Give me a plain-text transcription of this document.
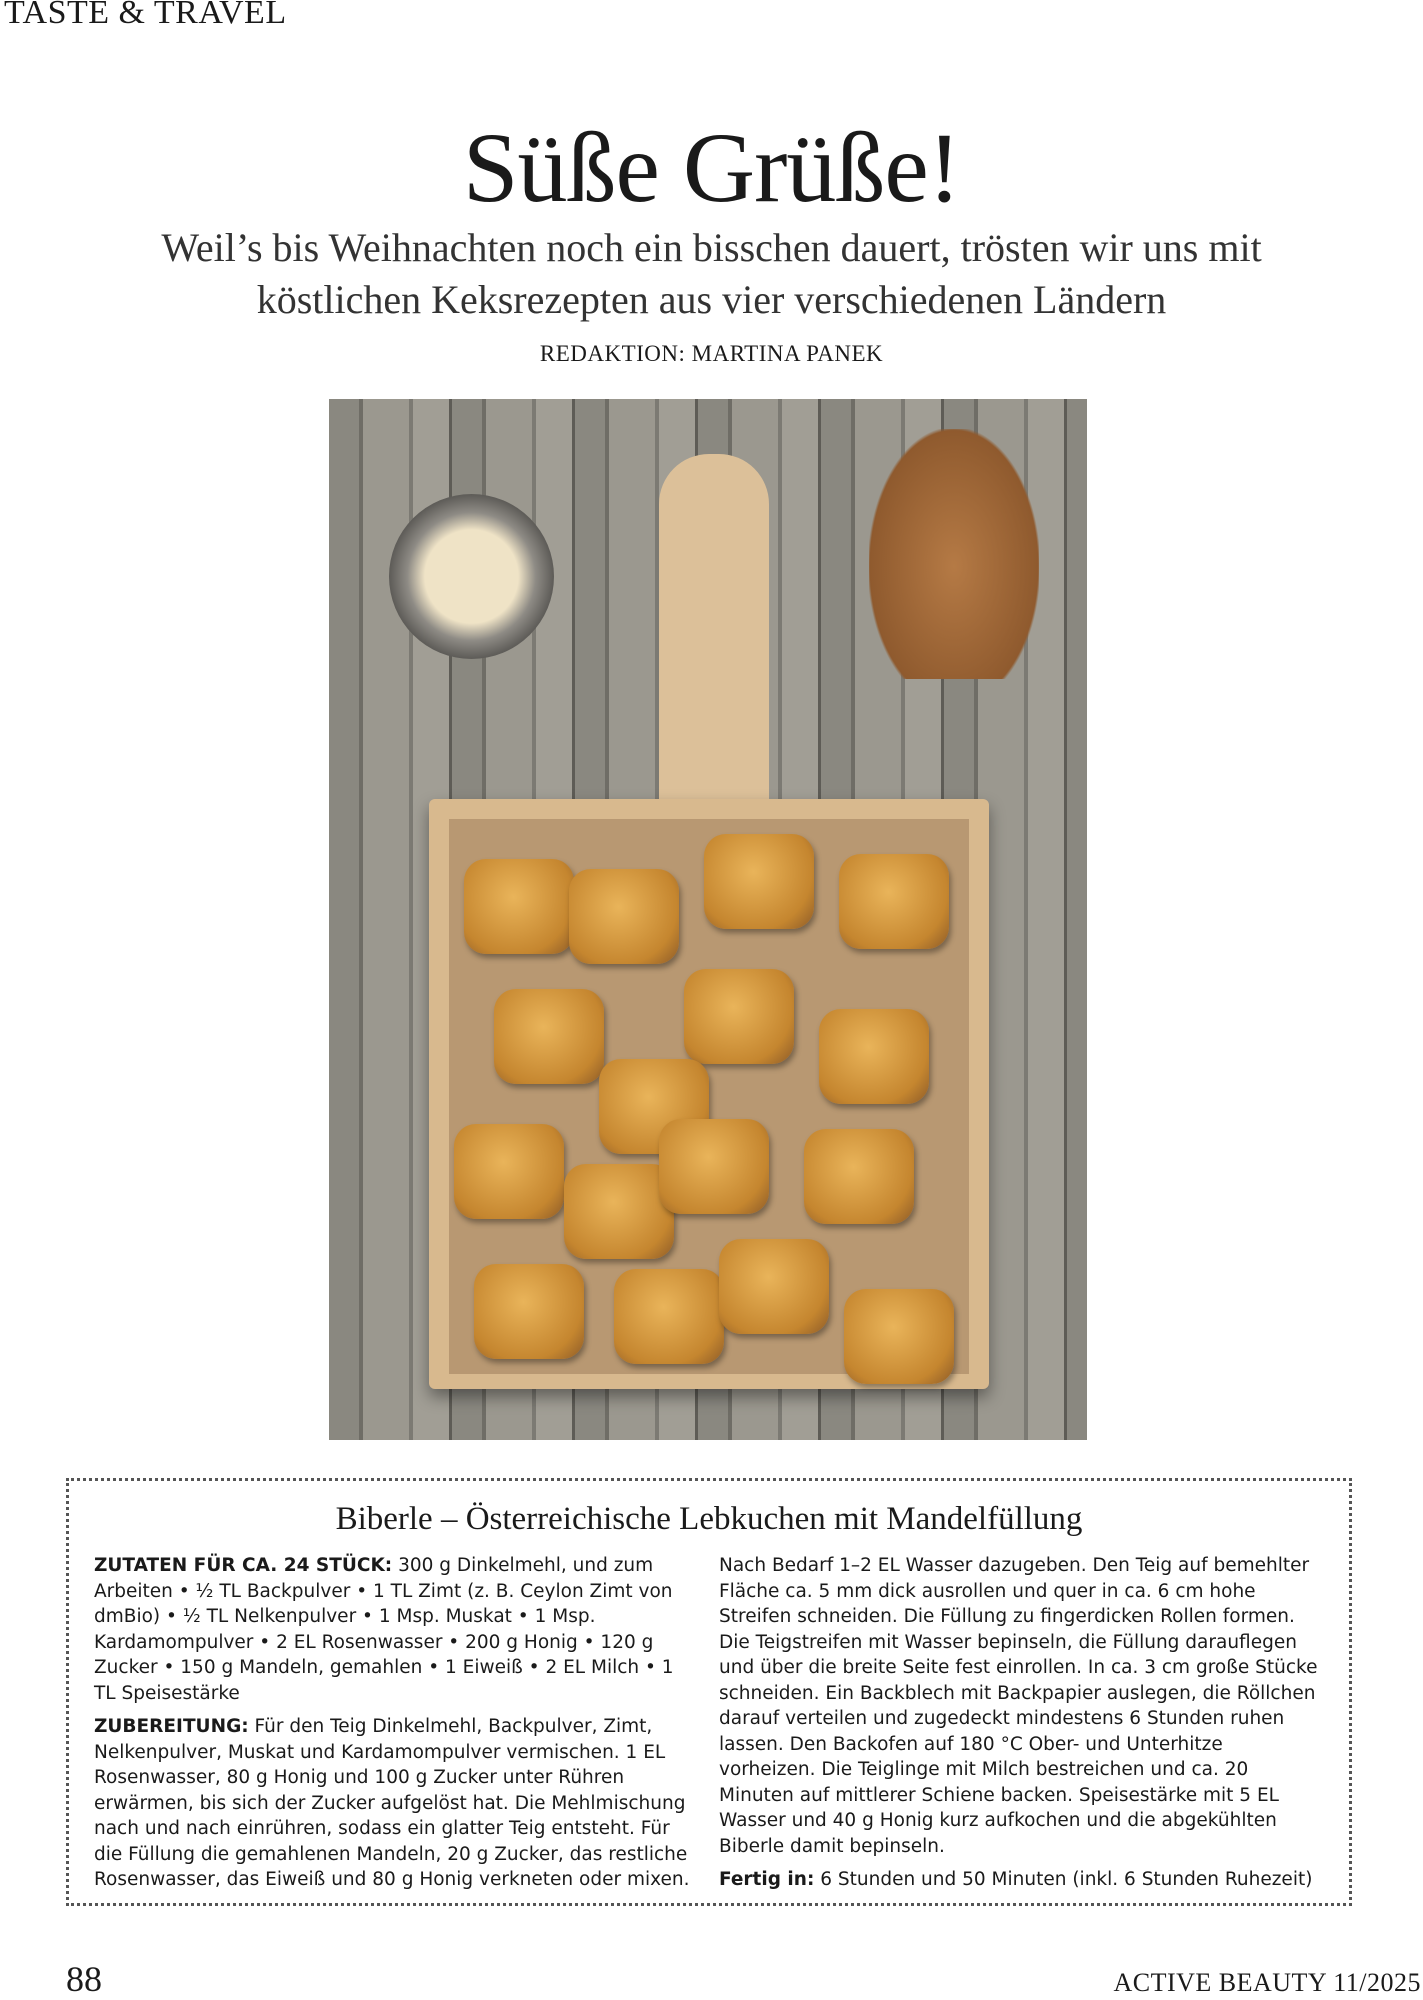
TASTE & TRAVEL
Süße Grüße!
Weil’s bis Weihnachten noch ein bisschen dauert, trösten wir uns mit köstlichen Keksrezepten aus vier verschiedenen Ländern
REDAKTION: MARTINA PANEK
Biberle – Österreichische Lebkuchen mit Mandelfüllung

ZUTATEN FÜR CA. 24 STÜCK: 300 g Dinkelmehl, und zum Arbeiten • ½ TL Backpulver • 1 TL Zimt (z. B. Ceylon Zimt von dmBio) • ½ TL Nelkenpulver • 1 Msp. Muskat • 1 Msp. Kardamompulver • 2 EL Rosenwasser • 200 g Honig • 120 g Zucker • 150 g Mandeln, gemahlen • 1 Eiweiß • 2 EL Milch • 1 TL Speisestärke

ZUBEREITUNG: Für den Teig Dinkelmehl, Backpulver, Zimt, Nelkenpulver, Muskat und Kardamompulver vermischen. 1 EL Rosenwasser, 80 g Honig und 100 g Zucker unter Rühren erwärmen, bis sich der Zucker aufgelöst hat. Die Mehlmischung nach und nach einrühren, sodass ein glatter Teig entsteht. Für die Füllung die gemahlenen Mandeln, 20 g Zucker, das restliche Rosenwasser, das Eiweiß und 80 g Honig verkneten oder mixen.

Nach Bedarf 1–2 EL Wasser dazugeben. Den Teig auf bemehlter Fläche ca. 5 mm dick ausrollen und quer in ca. 6 cm hohe Streifen schneiden. Die Füllung zu fingerdicken Rollen formen. Die Teigstreifen mit Wasser bepinseln, die Füllung darauflegen und über die breite Seite fest einrollen. In ca. 3 cm große Stücke schneiden. Ein Backblech mit Backpapier auslegen, die Röllchen darauf verteilen und zugedeckt mindestens 6 Stunden ruhen lassen. Den Backofen auf 180 °C Ober- und Unterhitze vorheizen. Die Teiglinge mit Milch bestreichen und ca. 20 Minuten auf mittlerer Schiene backen. Speisestärke mit 5 EL Wasser und 40 g Honig kurz aufkochen und die abgekühlten Biberle damit bepinseln.

Fertig in: 6 Stunden und 50 Minuten (inkl. 6 Stunden Ruhezeit)

88	ACTIVE BEAUTY 11/2025
